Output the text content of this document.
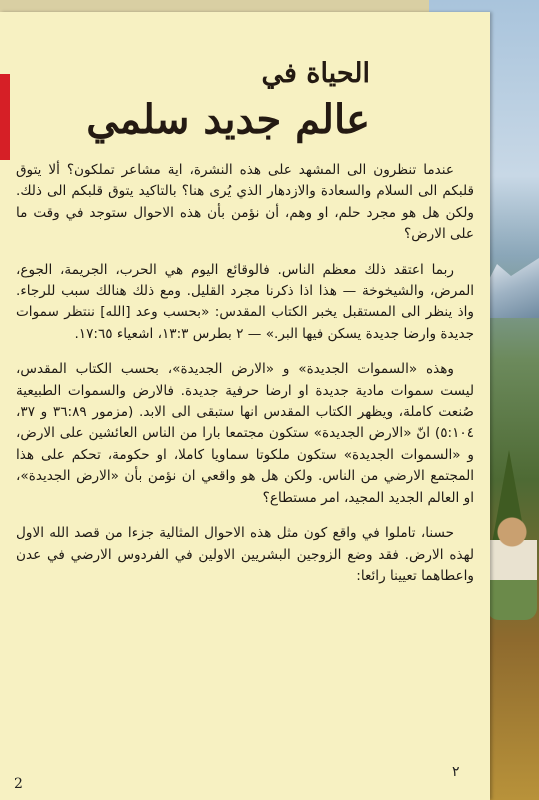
الحياة في
عالم جديد سلمي

عندما تنظرون الى المشهد على هذه النشرة، اية مشاعر تملكون؟ ألا يتوق قلبكم الى السلام والسعادة والازدهار الذي يُرى هنا؟ بالتاكيد يتوق قلبكم الى ذلك. ولكن هل هو مجرد حلم، او وهم، أن نؤمن بأن هذه الاحوال ستوجد في وقت ما على الارض؟

ربما اعتقد ذلك معظم الناس. فالوقائع اليوم هي الحرب، الجريمة، الجوع، المرض، والشيخوخة — هذا اذا ذكرنا مجرد القليل. ومع ذلك هنالك سبب للرجاء. واذ ينظر الى المستقبل يخبر الكتاب المقدس: «بحسب وعد [الله] ننتظر سموات جديدة وارضا جديدة يسكن فيها البر.» — ٢ بطرس ٣:‏١٣، اشعياء ٦٥:‏١٧.

وهذه «السموات الجديدة» و «الارض الجديدة»، بحسب الكتاب المقدس، ليست سموات مادية جديدة او ارضا حرفية جديدة. فالارض والسموات الطبيعية صُنعت كاملة، ويظهر الكتاب المقدس انها ستبقى الى الابد. (مزمور ٨٩:‏٣٦ و ٣٧، ١٠٤:‏٥) انّ «الارض الجديدة» ستكون مجتمعا بارا من الناس العائشين على الارض، و «السموات الجديدة» ستكون ملكوتا سماويا كاملا، او حكومة، تحكم على هذا المجتمع الارضي من الناس. ولكن هل هو واقعي ان نؤمن بأن «الارض الجديدة»، او العالم الجديد المجيد، امر مستطاع؟

حسنا، تاملوا في واقع كون مثل هذه الاحوال المثالية جزءا من قصد الله الاول لهذه الارض. فقد وضع الزوجين البشريين الاولين في الفردوس الارضي في عدن واعطاهما تعيينا رائعا:

٢
2
